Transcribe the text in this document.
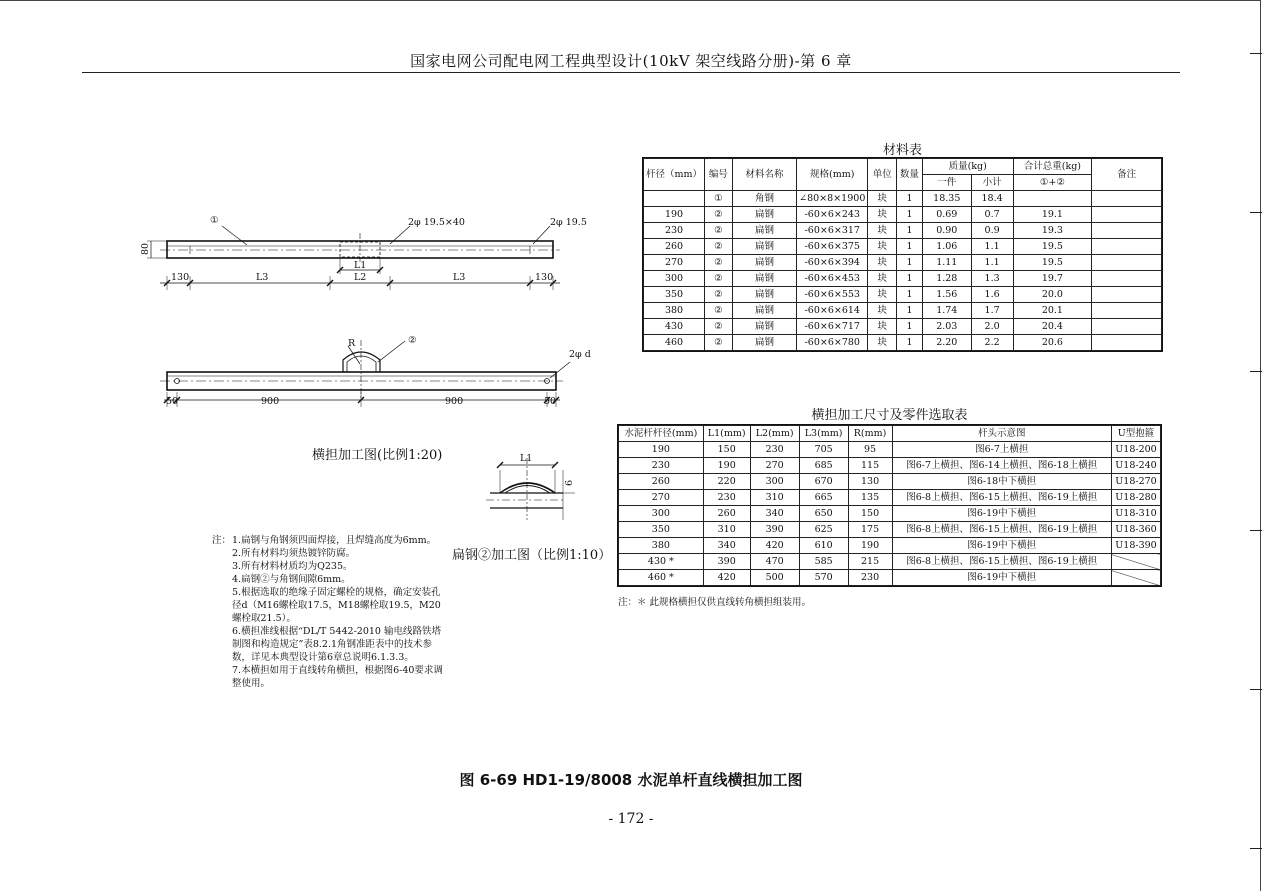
国家电网公司配电网工程典型设计(10kV 架空线路分册)-第 6 章
①	2φ 19.5×40	2φ 19.5
80
L1
130	L3	L2	L3	130
R	②
2φ d
50	900	900	50
L1
6
横担加工图(比例1:20)
扁钢②加工图（比例1:10）
注： 1.扁钢与角钢须四面焊接，且焊缝高度为6mm。
2.所有材料均须热镀锌防腐。
3.所有材料材质均为Q235。
4.扁钢②与角钢间隙6mm。
5.根据选取的绝缘子固定螺栓的规格，确定安装孔径d（M16螺栓取17.5，M18螺栓取19.5，M20螺栓取21.5）。
6.横担准线根据“DL/T 5442-2010 输电线路铁塔制图和构造规定”表8.2.1角钢准距表中的技术参数，详见本典型设计第6章总说明6.1.3.3。
7.本横担如用于直线转角横担，根据图6-40要求调整使用。
材料表
杆径（mm）	编号	材料名称	规格(mm)	单位	数量	质量(kg)		合计总重(kg)	备注
						一件	小计	①+②	
	①	角钢	∠80×8×1900	块	1	18.35	18.4		
190	②	扁钢	-60×6×243	块	1	0.69	0.7	19.1	
230	②	扁钢	-60×6×317	块	1	0.90	0.9	19.3	
260	②	扁钢	-60×6×375	块	1	1.06	1.1	19.5	
270	②	扁钢	-60×6×394	块	1	1.11	1.1	19.5	
300	②	扁钢	-60×6×453	块	1	1.28	1.3	19.7	
350	②	扁钢	-60×6×553	块	1	1.56	1.6	20.0	
380	②	扁钢	-60×6×614	块	1	1.74	1.7	20.1	
430	②	扁钢	-60×6×717	块	1	2.03	2.0	20.4	
460	②	扁钢	-60×6×780	块	1	2.20	2.2	20.6	
横担加工尺寸及零件选取表
水泥杆杆径(mm)	L1(mm)	L2(mm)	L3(mm)	R(mm)	杆头示意图	U型抱箍
190	150	230	705	95	图6-7上横担	U18-200
230	190	270	685	115	图6-7上横担、图6-14上横担、图6-18上横担	U18-240
260	220	300	670	130	图6-18中下横担	U18-270
270	230	310	665	135	图6-8上横担、图6-15上横担、图6-19上横担	U18-280
300	260	340	650	150	图6-19中下横担	U18-310
350	310	390	625	175	图6-8上横担、图6-15上横担、图6-19上横担	U18-360
380	340	420	610	190	图6-19中下横担	U18-390
430 *	390	470	585	215	图6-8上横担、图6-15上横担、图6-19上横担	
460 *	420	500	570	230	图6-19中下横担	
注：＊ 此规格横担仅供直线转角横担组装用。
图 6-69 HD1-19/8008 水泥单杆直线横担加工图
- 172 -
